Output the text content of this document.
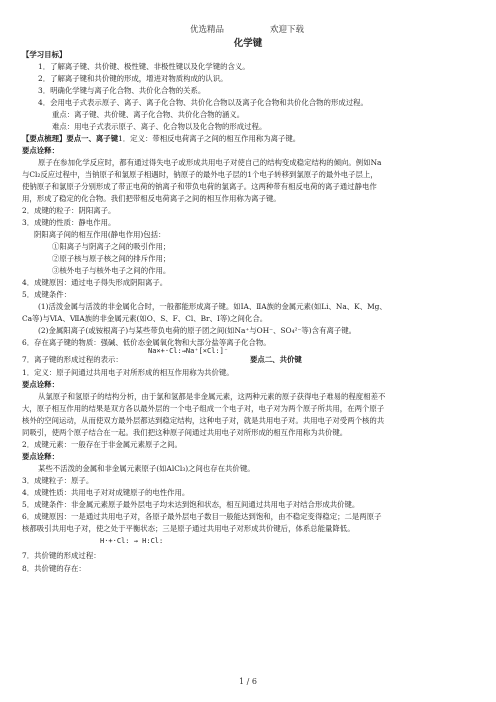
优选精品	欢迎下载
化学键
【学习目标】
1．了解离子键、共价键、极性键、非极性键以及化学键的含义。
2．了解离子键和共价键的形成，增进对物质构成的认识。
3．明确化学键与离子化合物、共价化合物的关系。
4．会用电子式表示原子、离子、离子化合物、共价化合物以及离子化合物和共价化合物的形成过程。
重点：离子键、共价键、离子化合物、共价化合物的涵义。
难点：用电子式表示原子、离子、化合物以及化合物的形成过程。
【要点梳理】要点一、离子键1．定义：带相反电荷离子之间的相互作用称为离子键。
要点诠释：
原子在参加化学反应时，都有通过得失电子或形成共用电子对使自己的结构变成稳定结构的倾向。例如Na
与Cl₂反应过程中，当钠原子和氯原子相遇时，钠原子的最外电子层的1个电子转移到氯原子的最外电子层上，
使钠原子和氯原子分别形成了带正电荷的钠离子和带负电荷的氯离子。这两种带有相反电荷的离子通过静电作
用，形成了稳定的化合物。我们把带相反电荷离子之间的相互作用称为离子键。
2．成键的粒子：阴阳离子。
3．成键的性质：静电作用。
阴阳离子间的相互作用(静电作用)包括：
①阳离子与阴离子之间的吸引作用；
②原子核与原子核之间的排斥作用；
③核外电子与核外电子之间的作用。
4．成键原因：通过电子得失形成阴阳离子。
5．成键条件：
(1)活泼金属与活泼的非金属化合时，一般都能形成离子键。如IA、ⅡA族的金属元素(如Li、Na、K、Mg、
Ca等)与ⅥA、ⅦA族的非金属元素(如O、S、F、Cl、Br、I等)之间化合。
(2)金属阳离子(或铵根离子)与某些带负电荷的原子团之间(如Na⁺与OH⁻、SO₄²⁻等)含有离子键。
6．存在离子键的物质：强碱、低价态金属氧化物和大部分盐等离子化合物。
7．离子键的形成过程的表示：
Na×+·Cl:→Na⁺[×Cl:]⁻
要点二、共价键
1．定义：原子间通过共用电子对所形成的相互作用称为共价键。
要点诠释：
从氯原子和氢原子的结构分析，由于氯和氢都是非金属元素，这两种元素的原子获得电子难易的程度相差不
大，原子相互作用的结果是双方各以最外层的一个电子组成一个电子对，电子对为两个原子所共用，在两个原子
核外的空间运动，从而使双方最外层都达到稳定结构，这种电子对，就是共用电子对。共用电子对受两个核的共
同吸引，使两个原子结合在一起。我们把这种原子间通过共用电子对所形成的相互作用称为共价键。
2．成键元素：一般存在于非金属元素原子之间。
要点诠释：
某些不活泼的金属和非金属元素原子(如AlCl₃)之间也存在共价键。
3．成键粒子：原子。
4．成键性质：共用电子对对成键原子的电性作用。
5．成键条件：非金属元素原子最外层电子均未达到饱和状态，相互间通过共用电子对结合形成共价键。
6．成键原因：一是通过共用电子对，各原子最外层电子数目一般能达到饱和，由不稳定变得稳定；二是两原子
核都吸引共用电子对，使之处于平衡状态；三是原子通过共用电子对形成共价键后，体系总能量降低。
H·+·Cl: → H:Cl:
7．共价键的形成过程：
8．共价键的存在：
1 / 6
